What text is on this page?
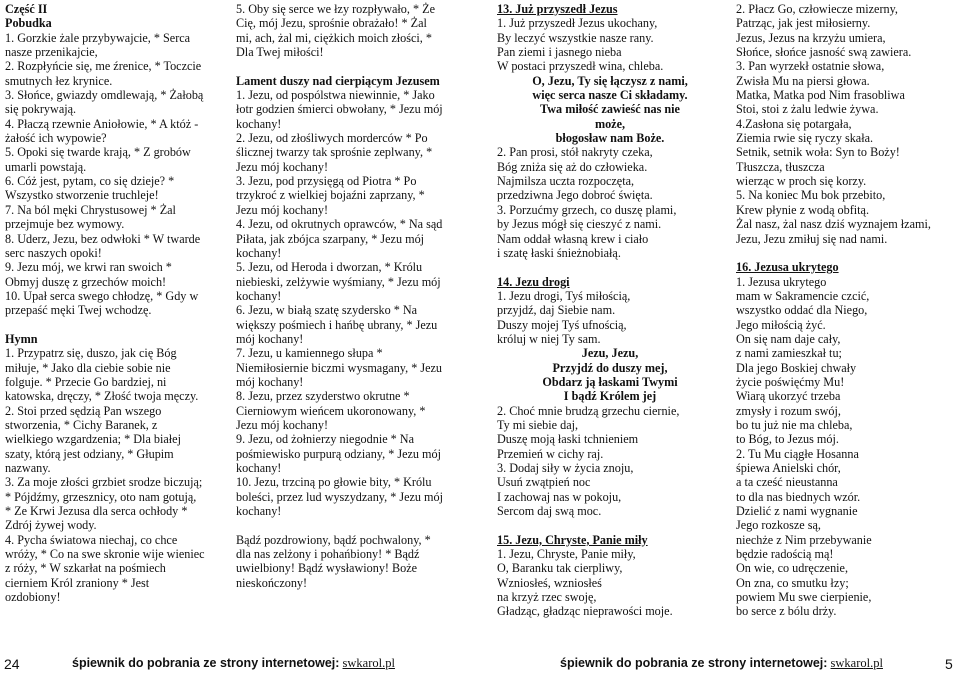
Część II
Pobudka
1. Gorzkie żale przybywajcie, * Serca
nasze przenikajcie,
2. Rozpłyńcie się, me źrenice, * Toczcie
smutnych łez krynice.
3. Słońce, gwiazdy omdlewają, * Żałobą
się pokrywają.
4. Płaczą rzewnie Aniołowie, * A któż -
żałość ich wypowie?
5. Opoki się twarde krają, * Z grobów
umarli powstają.
6. Cóż jest, pytam, co się dzieje? *
Wszystko stworzenie truchleje!
7. Na ból męki Chrystusowej * Żal
przejmuje bez wymowy.
8. Uderz, Jezu, bez odwłoki * W twarde
serc naszych opoki!
9. Jezu mój, we krwi ran swoich *
Obmyj duszę z grzechów moich!
10. Upał serca swego chłodzę, * Gdy w
przepaść męki Twej wchodzę.
Hymn
1. Przypatrz się, duszo, jak cię Bóg
miłuje, * Jako dla ciebie sobie nie
folguje. * Przecie Go bardziej, ni
katowska, dręczy, * Złość twoja męczy.
2. Stoi przed sędzią Pan wszego
stworzenia, * Cichy Baranek, z
wielkiego wzgardzenia; * Dla białej
szaty, którą jest odziany, * Głupim
nazwany.
3. Za moje złości grzbiet srodze biczują;
* Pójdźmy, grzesznicy, oto nam gotują,
* Ze Krwi Jezusa dla serca ochłody *
Zdrój żywej wody.
4. Pycha światowa niechaj, co chce
wróży, * Co na swe skronie wije wieniec
z róży, * W szkarłat na pośmiech
cierniem Król zraniony * Jest
ozdobiony!
5. Oby się serce we łzy rozpływało, * Że
Cię, mój Jezu, sprośnie obrażało! * Żal
mi, ach, żal mi, ciężkich moich złości, *
Dla Twej miłości!
Lament duszy nad cierpiącym Jezusem
1. Jezu, od pospólstwa niewinnie, * Jako
łotr godzien śmierci obwołany, * Jezu mój
kochany!
2. Jezu, od złośliwych morderców * Po
ślicznej twarzy tak sprośnie zeplwany, *
Jezu mój kochany!
3. Jezu, pod przysięgą od Piotra * Po
trzykroć z wielkiej bojaźni zaprzany, *
Jezu mój kochany!
4. Jezu, od okrutnych oprawców, * Na sąd
Piłata, jak zbójca szarpany, * Jezu mój
kochany!
5. Jezu, od Heroda i dworzan, * Królu
niebieski, zelżywie wyśmiany, * Jezu mój
kochany!
6. Jezu, w białą szatę szydersko * Na
większy pośmiech i hańbę ubrany, * Jezu
mój kochany!
7. Jezu, u kamiennego słupa *
Niemiłosiernie biczmi wysmagany, * Jezu
mój kochany!
8. Jezu, przez szyderstwo okrutne *
Cierniowym wieńcem ukoronowany, *
Jezu mój kochany!
9. Jezu, od żołnierzy niegodnie * Na
pośmiewisko purpurą odziany, * Jezu mój
kochany!
10. Jezu, trzciną po głowie bity, * Królu
boleści, przez lud wyszydzany, * Jezu mój
kochany!
Bądź pozdrowiony, bądź pochwalony, *
dla nas zelżony i pohańbiony! * Bądź
uwielbiony! Bądź wysławiony! Boże
nieskończony!
13. Już przyszedł Jezus
1. Już przyszedł Jezus ukochany,
By leczyć wszystkie nasze rany.
Pan ziemi i jasnego nieba
W postaci przyszedł wina, chleba.
O, Jezu, Ty się łączysz z nami,
więc serca nasze Ci składamy.
Twa miłość zawieść nas nie
może,
błogosław nam Boże.
2. Pan prosi, stół nakryty czeka,
Bóg zniża się aż do człowieka.
Najmilsza uczta rozpoczęta,
przedziwna Jego dobroć święta.
3. Porzućmy grzech, co duszę plami,
by Jezus mógł się cieszyć z nami.
Nam oddał własną krew i ciało
i szatę łaski śnieżnobiałą.
14. Jezu drogi
1. Jezu drogi, Tyś miłością,
przyjdź, daj Siebie nam.
Duszy mojej Tyś ufnością,
króluj w niej Ty sam.
Jezu, Jezu,
Przyjdź do duszy mej,
Obdarz ją łaskami Twymi
I bądź Królem jej
2. Choć mnie brudzą grzechu ciernie,
Ty mi siebie daj,
Duszę moją łaski tchnieniem
Przemień w cichy raj.
3. Dodaj siły w życia znoju,
Usuń zwątpień noc
I zachowaj nas w pokoju,
Sercom daj swą moc.
15. Jezu, Chryste, Panie miły
1. Jezu, Chryste, Panie miły,
O, Baranku tak cierpliwy,
Wzniosłeś, wzniosłeś
na krzyż rzec swoję,
Gładząc, gładząc nieprawości moje.
2. Płacz Go, człowiecze mizerny,
Patrząc, jak jest miłosierny.
Jezus, Jezus na krzyżu umiera,
Słońce, słońce jasność swą zawiera.
3. Pan wyrzekł ostatnie słowa,
Zwisła Mu na piersi głowa.
Matka, Matka pod Nim frasobliwa
Stoi, stoi z żalu ledwie żywa.
4.Zasłona się potargała,
Ziemia rwie się ryczy skała.
Setnik, setnik woła: Syn to Boży!
Tłuszcza, tłuszcza
wierząc w proch się korzy.
5. Na koniec Mu bok przebito,
Krew płynie z wodą obfitą.
Żal nasz, żal nasz dziś wyznajem łzami,
Jezu, Jezu zmiłuj się nad nami.
16. Jezusa ukrytego
1. Jezusa ukrytego
mam w Sakramencie czcić,
wszystko oddać dla Niego,
Jego miłością żyć.
On się nam daje cały,
z nami zamieszkał tu;
Dla jego Boskiej chwały
życie poświęćmy Mu!
Wiarą ukorzyć trzeba
zmysły i rozum swój,
bo tu już nie ma chleba,
to Bóg, to Jezus mój.
2. Tu Mu ciągłe Hosanna
śpiewa Anielski chór,
a ta cześć nieustanna
to dla nas biednych wzór.
Dzielić z nami wygnanie
Jego rozkosze są,
niechże z Nim przebywanie
będzie radością mą!
On wie, co udręczenie,
On zna, co smutku łzy;
powiem Mu swe cierpienie,
bo serce z bólu drży.
24	śpiewnik do pobrania ze strony internetowej: swkarol.pl	śpiewnik do pobrania ze strony internetowej: swkarol.pl	5
